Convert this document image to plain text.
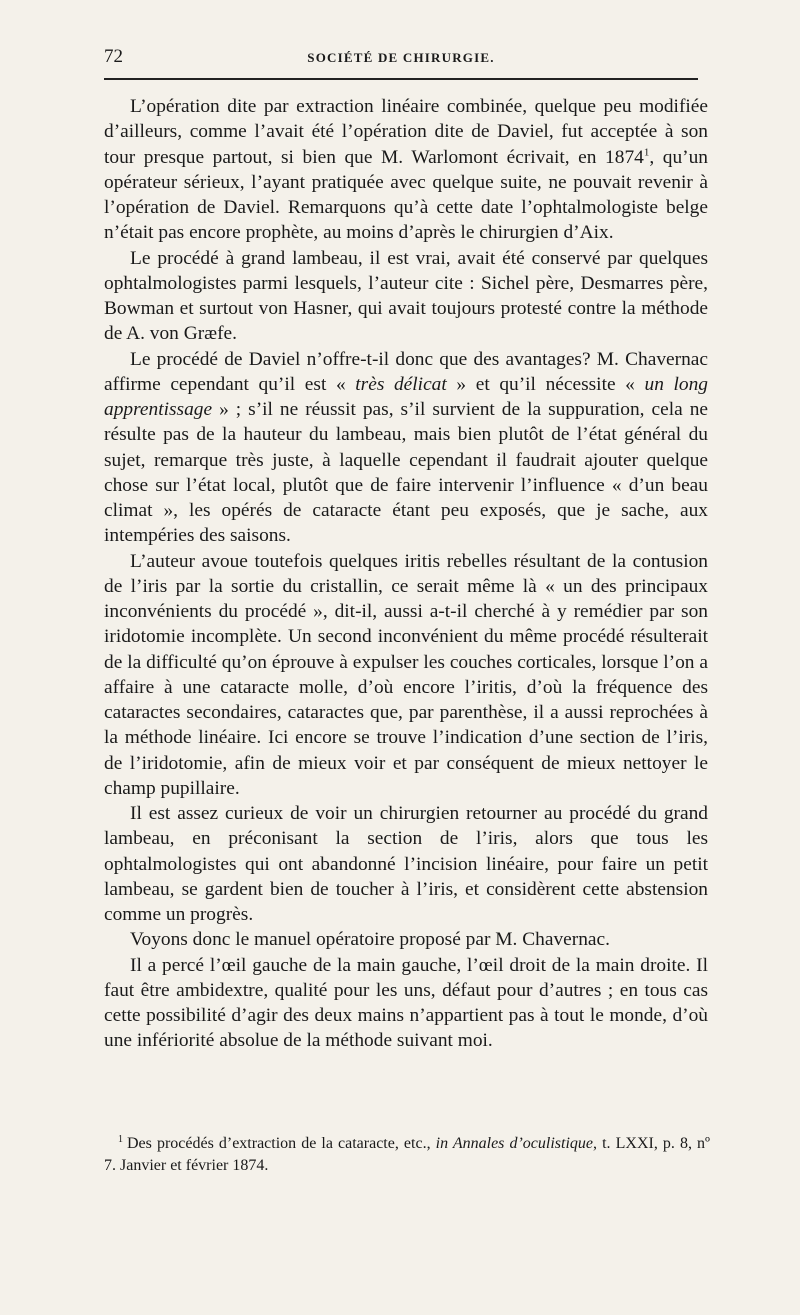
72	SOCIÉTÉ DE CHIRURGIE.

L’opération dite par extraction linéaire combinée, quelque peu modifiée d’ailleurs, comme l’avait été l’opération dite de Daviel, fut acceptée à son tour presque partout, si bien que M. Warlomont écrivait, en 1874$^1$, qu’un opérateur sérieux, l’ayant pratiquée avec quelque suite, ne pouvait revenir à l’opération de Daviel. Remarquons qu’à cette date l’ophtalmologiste belge n’était pas encore prophète, au moins d’après le chirurgien d’Aix.

Le procédé à grand lambeau, il est vrai, avait été conservé par quelques ophtalmologistes parmi lesquels, l’auteur cite : Sichel père, Desmarres père, Bowman et surtout von Hasner, qui avait toujours protesté contre la méthode de A. von Græfe.

Le procédé de Daviel n’offre-t-il donc que des avantages? M. Chavernac affirme cependant qu’il est « très délicat » et qu’il nécessite « un long apprentissage » ; s’il ne réussit pas, s’il survient de la suppuration, cela ne résulte pas de la hauteur du lambeau, mais bien plutôt de l’état général du sujet, remarque très juste, à laquelle cependant il faudrait ajouter quelque chose sur l’état local, plutôt que de faire intervenir l’influence « d’un beau climat », les opérés de cataracte étant peu exposés, que je sache, aux intempéries des saisons.

L’auteur avoue toutefois quelques iritis rebelles résultant de la contusion de l’iris par la sortie du cristallin, ce serait même là « un des principaux inconvénients du procédé », dit-il, aussi a-t-il cherché à y remédier par son iridotomie incomplète. Un second inconvénient du même procédé résulterait de la difficulté qu’on éprouve à expulser les couches corticales, lorsque l’on a affaire à une cataracte molle, d’où encore l’iritis, d’où la fréquence des cataractes secondaires, cataractes que, par parenthèse, il a aussi reprochées à la méthode linéaire. Ici encore se trouve l’indication d’une section de l’iris, de l’iridotomie, afin de mieux voir et par conséquent de mieux nettoyer le champ pupillaire.

Il est assez curieux de voir un chirurgien retourner au procédé du grand lambeau, en préconisant la section de l’iris, alors que tous les ophtalmologistes qui ont abandonné l’incision linéaire, pour faire un petit lambeau, se gardent bien de toucher à l’iris, et considèrent cette abstension comme un progrès.

Voyons donc le manuel opératoire proposé par M. Chavernac.

Il a percé l’œil gauche de la main gauche, l’œil droit de la main droite. Il faut être ambidextre, qualité pour les uns, défaut pour d’autres ; en tous cas cette possibilité d’agir des deux mains n’appartient pas à tout le monde, d’où une infériorité absolue de la méthode suivant moi.

$^1$ Des procédés d’extraction de la cataracte, etc., in Annales d’oculistique, t. LXXI, p. 8, nº 7. Janvier et février 1874.
